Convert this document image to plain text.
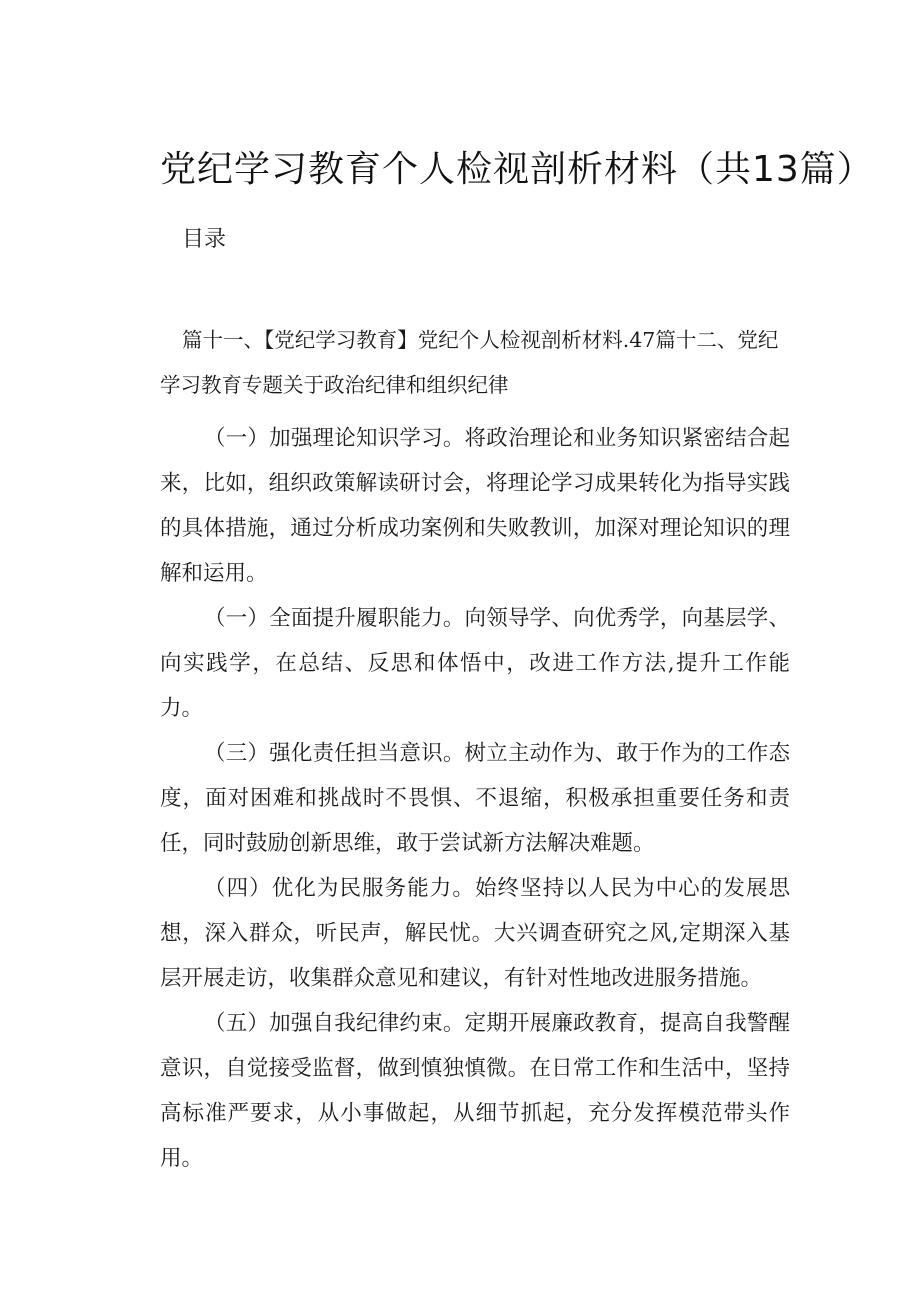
党纪学习教育个人检视剖析材料（共13篇）

目录

篇十一、【党纪学习教育】党纪个人检视剖析材料.47篇十二、党纪学习教育专题关于政治纪律和组织纪律

（一）加强理论知识学习。将政治理论和业务知识紧密结合起来，比如，组织政策解读研讨会，将理论学习成果转化为指导实践的具体措施，通过分析成功案例和失败教训，加深对理论知识的理解和运用。

（一）全面提升履职能力。向领导学、向优秀学，向基层学、向实践学，在总结、反思和体悟中，改进工作方法,提升工作能力。

（三）强化责任担当意识。树立主动作为、敢于作为的工作态度，面对困难和挑战时不畏惧、不退缩，积极承担重要任务和责任，同时鼓励创新思维，敢于尝试新方法解决难题。

（四）优化为民服务能力。始终坚持以人民为中心的发展思想，深入群众，听民声，解民忧。大兴调查研究之风,定期深入基层开展走访，收集群众意见和建议，有针对性地改进服务措施。

（五）加强自我纪律约束。定期开展廉政教育，提高自我警醒意识，自觉接受监督，做到慎独慎微。在日常工作和生活中，坚持高标准严要求，从小事做起，从细节抓起，充分发挥模范带头作用。
